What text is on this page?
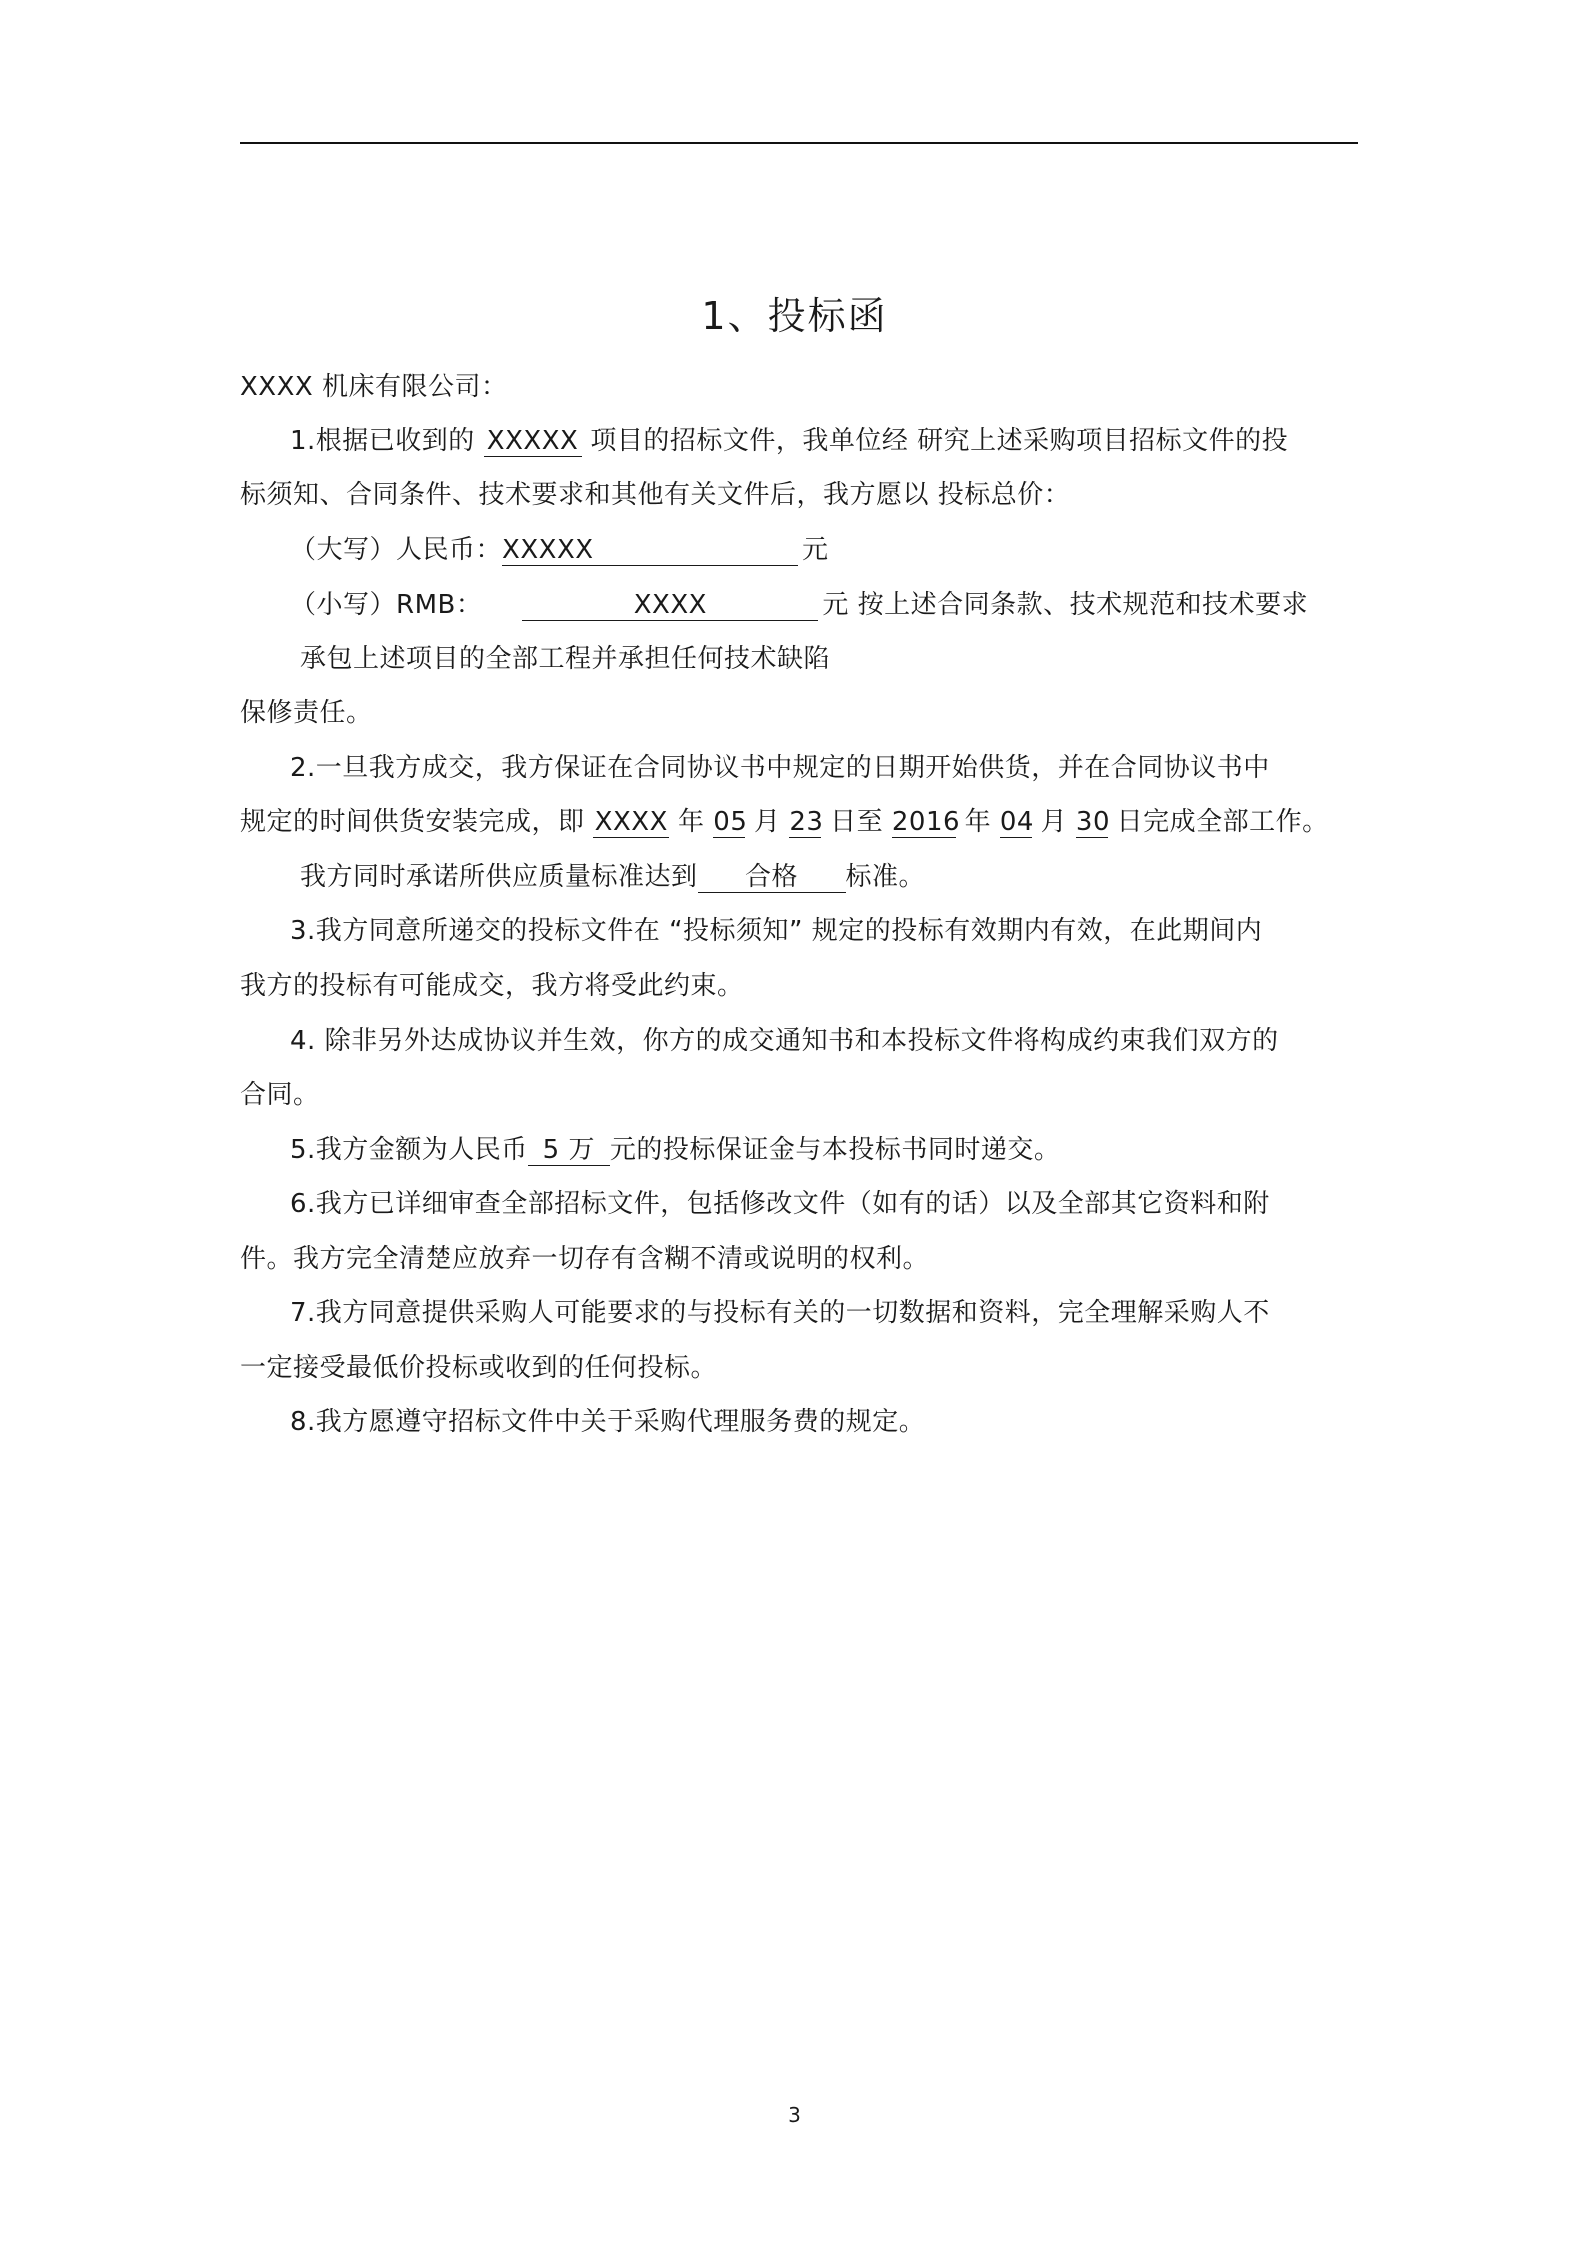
1、投标函
XXXX 机床有限公司：
1.根据已收到的 XXXXX 项目的招标文件，我单位经 研究上述采购项目招标文件的投
标须知、合同条件、技术要求和其他有关文件后，我方愿以 投标总价：
（大写）人民币：XXXXX	元
（小写）RMB：	XXXX	元 按上述合同条款、技术规范和技术要求
承包上述项目的全部工程并承担任何技术缺陷
保修责任。
2.一旦我方成交，我方保证在合同协议书中规定的日期开始供货，并在合同协议书中
规定的时间供货安装完成，即 XXXX 年 05 月 23 日至 2016 年 04 月 30 日完成全部工作。
我方同时承诺所供应质量标准达到 合格 标准。
3.我方同意所递交的投标文件在 “投标须知” 规定的投标有效期内有效，在此期间内
我方的投标有可能成交，我方将受此约束。
4. 除非另外达成协议并生效，你方的成交通知书和本投标文件将构成约束我们双方的
合同。
5.我方金额为人民币 5 万 元的投标保证金与本投标书同时递交。
6.我方已详细审查全部招标文件，包括修改文件（如有的话）以及全部其它资料和附
件。我方完全清楚应放弃一切存有含糊不清或说明的权利。
7.我方同意提供采购人可能要求的与投标有关的一切数据和资料，完全理解采购人不
一定接受最低价投标或收到的任何投标。
8.我方愿遵守招标文件中关于采购代理服务费的规定。
3
